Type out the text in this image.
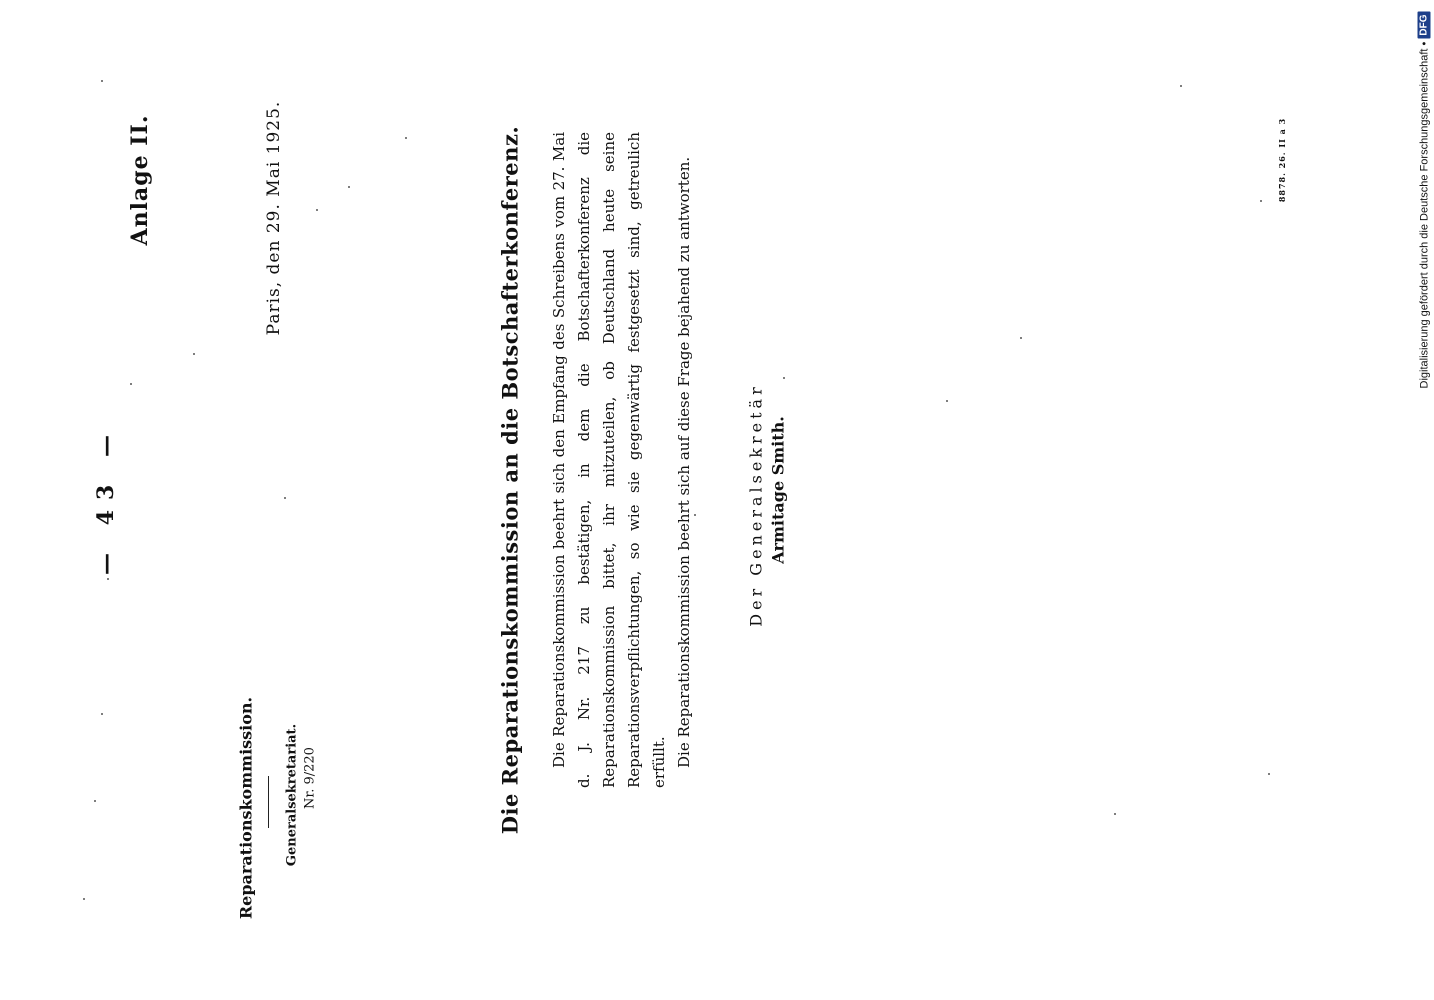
— 43 —
Anlage II.	Paris, den 29. Mai 1925.
Reparationskommission. Generalsekretariat. Nr. 9/220	Die Reparationskommission an die Botschafterkonferenz. Die Reparationskommission beehrt sich den Empfang des Schreibens vom 27. Mai d. J. Nr. 217 zu bestätigen, in dem die Botschafterkonferenz die Reparationskommission bittet, ihr mitzuteilen, ob Deutschland heute seine Reparationsverpflichtungen, so wie sie gegenwärtig festgesetzt sind, getreulich erfüllt. Die Reparationskommission beehrt sich auf diese Frage bejahend zu antworten.	Der Generalsekretär Armitage Smith.
8878. 26. II a 3	Digitalisierung gefördert durch die Deutsche Forschungsgemeinschaft •
DFG
